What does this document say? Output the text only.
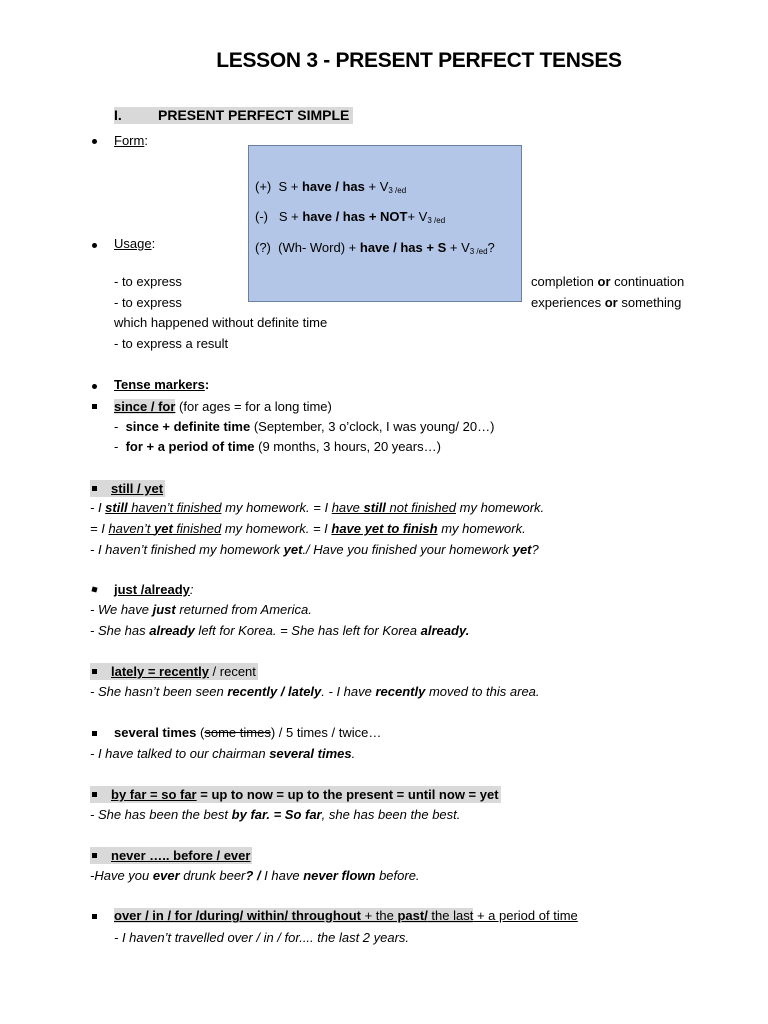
LESSON 3 - PRESENT PERFECT TENSES
I.	PRESENT PERFECT SIMPLE
Form:
(+) S + have / has + $V_{3 /ed}$
(-) S + have / has + $NOT+ V_{3 /ed}$
(?) (Wh- Word) + have / has + $S + V_{3 /ed}$?
Usage:
- to express	completion or continuation
- to express	experiences or something
which happened without definite time
- to express a result
Tense markers:
since / for (for ages = for a long time)
-  since + definite time (September, 3 o’clock, I was young/ 20…)
-  for + a period of time (9 months, 3 hours, 20 years…)
still / yet
- I still haven’t finished my homework. = I have still not finished my homework.
= I haven’t yet finished my homework. = I have yet to finish my homework.
- I haven’t finished my homework yet./ Have you finished your homework yet?
just /already:
- We have just returned from America.
- She has already left for Korea. = She has left for Korea already.
lately = recently / recent
- She hasn’t been seen recently / lately. - I have recently moved to this area.
several times (some times) / 5 times / twice…
- I have talked to our chairman several times.
by far = so far = up to now = up to the present = until now = yet
- She has been the best by far. = So far, she has been the best.
never ….. before / ever
-Have you ever drunk beer? / I have never flown before.
over / in / for /during/ within/ throughout + the past/ the last + a period of time
- I haven’t travelled over / in / for.... the last 2 years.
